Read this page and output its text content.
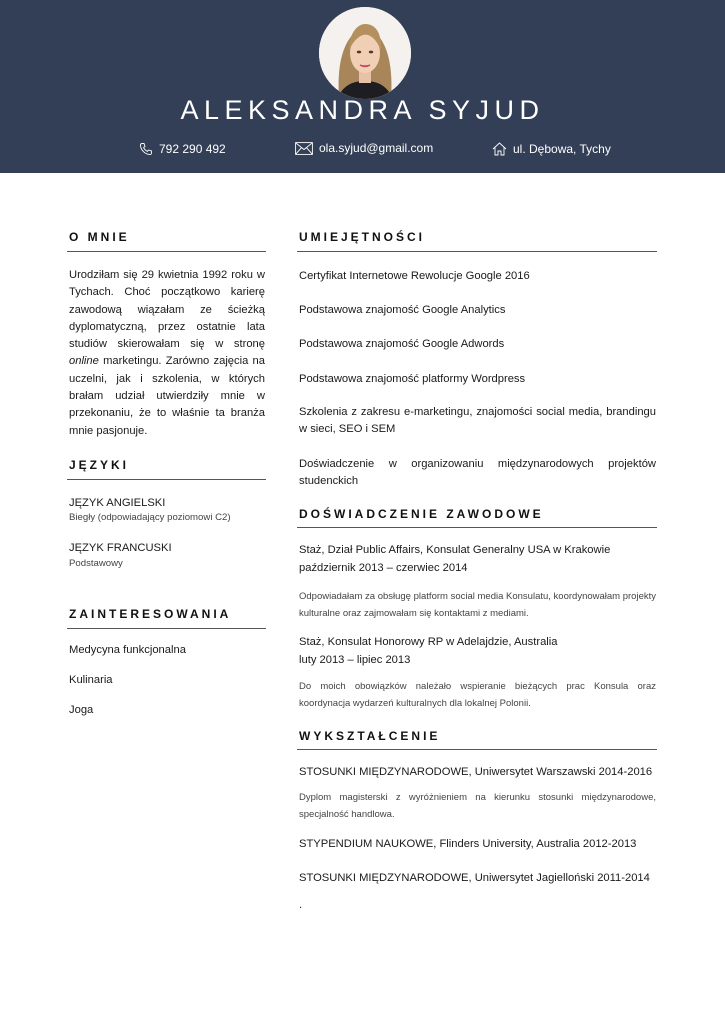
ALEKSANDRA SYJUD
792 290 492	ola.syjud@gmail.com	ul. Dębowa, Tychy
O MNIE
Urodziłam się 29 kwietnia 1992 roku w Tychach. Choć początkowo karierę zawodową wiązałam ze ścieżką dyplomatyczną, przez ostatnie lata studiów skierowałam się w stronę online marketingu. Zarówno zajęcia na uczelni, jak i szkolenia, w których brałam udział utwierdziły mnie w przekonaniu, że to właśnie ta branża mnie pasjonuje.
JĘZYKI
JĘZYK ANGIELSKI
Biegły (odpowiadający poziomowi C2)
JĘZYK FRANCUSKI
Podstawowy
ZAINTERESOWANIA
Medycyna funkcjonalna
Kulinaria
Joga
UMIEJĘTNOŚCI
Certyfikat Internetowe Rewolucje Google 2016
Podstawowa znajomość Google Analytics
Podstawowa znajomość Google Adwords
Podstawowa znajomość platformy Wordpress
Szkolenia z zakresu e-marketingu, znajomości social media, brandingu w sieci, SEO i SEM
Doświadczenie w organizowaniu międzynarodowych projektów studenckich
DOŚWIADCZENIE ZAWODOWE
Staż, Dział Public Affairs, Konsulat Generalny USA w Krakowie
październik 2013 – czerwiec 2014
Odpowiadałam za obsługę platform social media Konsulatu, koordynowałam projekty kulturalne oraz zajmowałam się kontaktami z mediami.
Staż, Konsulat Honorowy RP w Adelajdzie, Australia
luty 2013 – lipiec 2013
Do moich obowiązków należało wspieranie bieżących prac Konsula oraz koordynacja wydarzeń kulturalnych dla lokalnej Polonii.
WYKSZTAŁCENIE
STOSUNKI MIĘDZYNARODOWE, Uniwersytet Warszawski 2014-2016
Dyplom magisterski z wyróżnieniem na kierunku stosunki międzynarodowe, specjalność handlowa.
STYPENDIUM NAUKOWE, Flinders University, Australia 2012-2013
STOSUNKI MIĘDZYNARODOWE, Uniwersytet Jagielloński 2011-2014
.
